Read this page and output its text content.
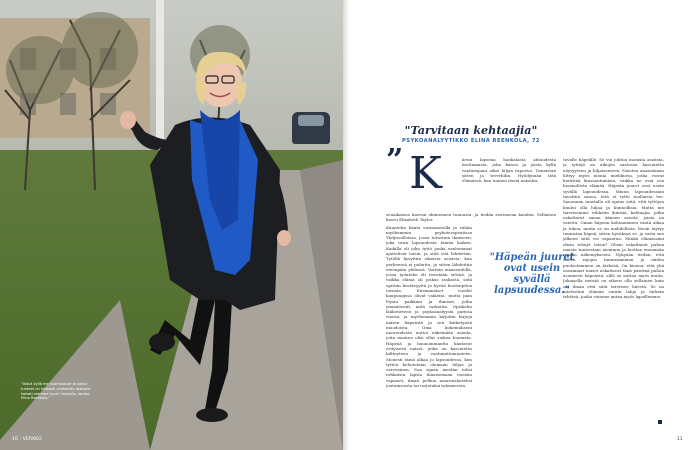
“Ikävä kyllä me suomalaiset ja kaikki tunteet on helposti yhdistetty taakaksi kaiketi olemme hyvin hankalia, kertoo Elina Reenkola.”

10 · VERKKO
"Tarvitaan kehtaajia"

PSYKOANALYYTIKKO ELINA REENKOLA, 72

” K	ärsin lapsena hankalasta ahtaudesta ihottumasta, joka katosi ja joista kyllä vanhempani aikoi hiljaa raportoi. Tunnistan sitten ja tervehdin. Hyödynnän tätä elämässä, kun tunnen itseni naiseksi.

seuaikaisen kasvun ohimennen tunnusta, ja tiedän seuraavan kauden. Sellainen kasvu Elizabeth Taylor.
Kuuntelin häntä vastaanotolla ja vähän myöhemmin psykoterapeutissa Yhdysvalloissa, jossa tutustuin ihmiseen, joka tunsi lapsuudesta tämän kaiken. Kaikilla oli joku tyttö jonka vanhemmat ajattelivat toisin, ja siitä sitä lähdettiin. Tytöllä kysyttiin oikeista asioista, kun perheessä ei puhuttu, ja sitten lähdettiin eteenpäin yhdessä. Vartuin maaseudulla, jossa työnteko oli itsestään selvää, ja vaikka elämä oli joskus raskasta, siitä opittiin kestävyyttä ja hyvää huolenpitoa toisista. Ensimmäiset vuodet kaupungissa olivat vaikeita, mutta pian löysin paikkani ja ihmiset, jotka ymmärsivät, mitä tarkoitin. Opiskelin lääketieteen ja psykoanalyysin parissa vuosia, ja myöhemmin kirjoitin kirjoja naisen häpeästä ja sen kätketyistä muodoista. Oma kokemukseni nuoruudesta auttoi näkemään asioita, joita muuten olisi ollut vaikea huomata. Häpeää ja huonommuutta kantavat erityisesti naiset, jotka on kasvatettu kiltteyteen ja vaatimattomuuteen. Monesti tämä alkaa jo lapsuudessa, kun tyttöä kehotetaan olemaan hiljaa ja varovainen. Sen sijaan meidän tulisi rohkaista lapsia ilmaisemaan itseään vapaasti, ilman pelkoa naurunalaiseksi joutumisesta tai torjutuksi tulemisesta.

"Häpeän juuret ovat usein syvällä lapsuudessa."

tuvalle häpeälle. Se voi johtua monista asioista, ja tyttöjä on aikojen saatossa kasvatettu nöyryyteen ja hiljaisuuteen. Naisten anatomiaan liittyy myös monia mielikuvia, jotka voivat herättää kiusaantumista, vaikka ne ovat osa luonnollista elämää. Häpeän juuret ovat usein syvällä lapsuudessa. Minun lapsuudessani tavattiin sanoa, että ei tyttö tuollaista tee. Sanonnan taustalla oli ajatus siitä, että tyttöjen kuului olla hiljaa ja kunnollisia. Mutta me tarvitsemme rohkeita ihmisiä, kehtaajia, jotka uskaltavat sanoa ääneen asioita, joista on vaiettu. Oman häpeän kohtaaminen vaatii aikaa ja tukea, mutta se on mahdollista. Ensin täytyy tunnistaa häpeä, sitten hyväksyä se, ja vasta sen jälkeen siitä voi vapautua. Minkä elämässäni olisin tehnyt toisin? Olisin uskaltanut puhua omista tunteistani aiemmin ja luottaa enemmän omaan näkemykseeni. Nykyään tiedän, että omien rajojen tunnistaminen ja niiden puolustaminen on tärkeää. On hienoa, että yhä useammat naiset uskaltavat tänä päivänä puhua avoimesti häpeästä, sillä se auttaa myös muita. Jokaisella meistä on oikeus olla sellainen kuin on, ilman että siitä tarvitsee hävetä. Se on mielestäni elämän suurin lahja ja tärkein tehtävä, jonka voimme antaa myös lapsillemme.

11
